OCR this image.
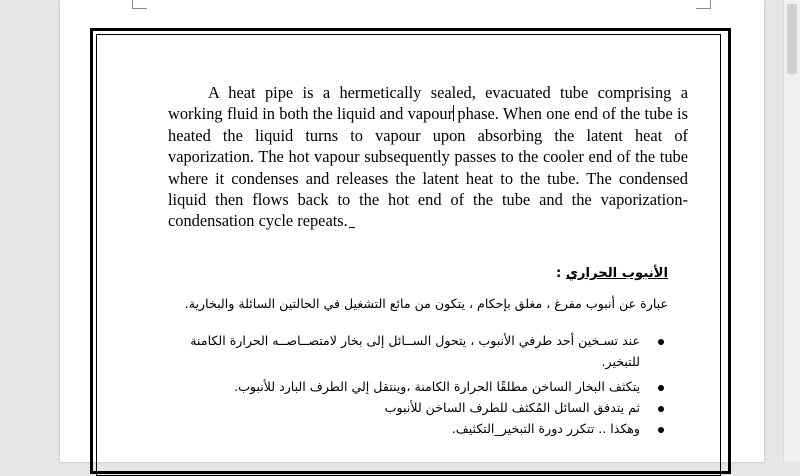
A heat pipe is a hermetically sealed, evacuated tube comprising a working fluid in both the liquid and vapour phase. When one end of the tube is heated the liquid turns to vapour upon absorbing the latent heat of vaporization. The hot vapour subsequently passes to the cooler end of the tube where it condenses and releases the latent heat to the tube. The condensed liquid then flows back to the hot end of the tube and the vaporization-condensation cycle repeats.

الأنبوب الحراري :
عبارة عن أنبوب مفرغ ، مغلق بإحكام ، يتكون من مائع التشغيل في الحالتين السائلة والبخارية.
عند تسـخين أحد طرفي الأنبوب ، يتحول الســائل إلى بخار لامتصــاصــه الحرارة الكامنة
للتبخير.
يتكثف البخار الساخن مطلقًا الحرارة الكامنة ،وينتقل إلي الطرف البارد للأنبوب.
ثم يتدفق السائل المُكثف للطرف الساخن للأنبوب
وهكذا .. تتكرر دورة التبخير_التكثيف.
